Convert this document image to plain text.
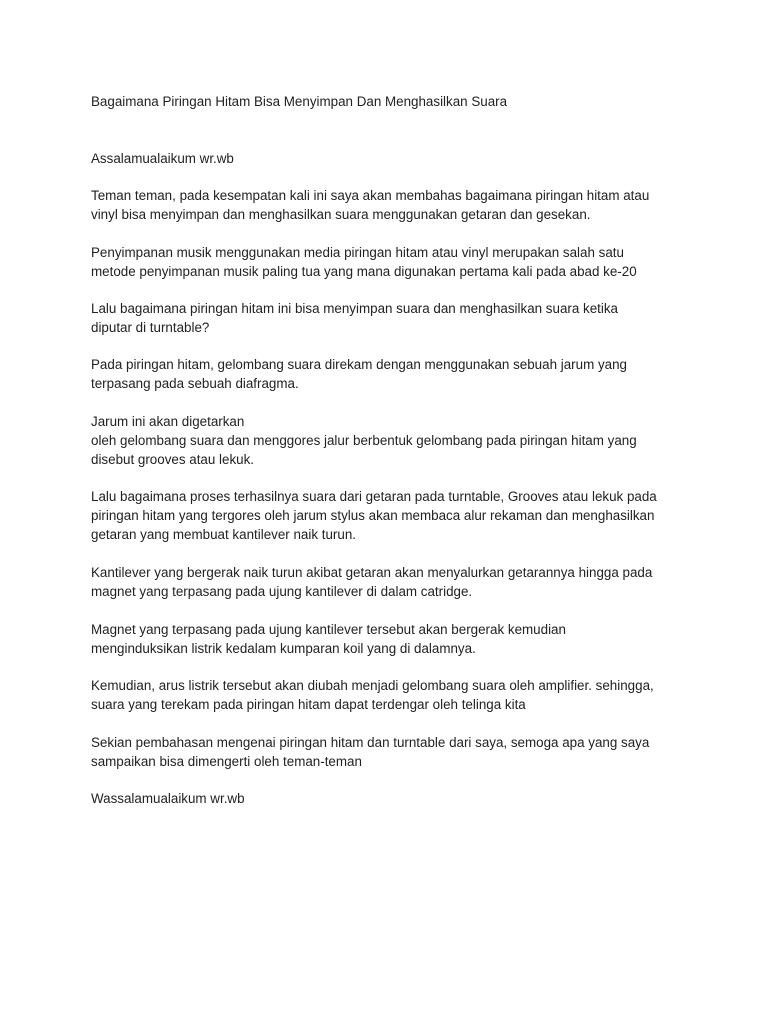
Bagaimana Piringan Hitam Bisa Menyimpan Dan Menghasilkan Suara

Assalamualaikum wr.wb

Teman teman, pada kesempatan kali ini saya akan membahas bagaimana piringan hitam atau
vinyl bisa menyimpan dan menghasilkan suara menggunakan getaran dan gesekan.

Penyimpanan musik menggunakan media piringan hitam atau vinyl merupakan salah satu
metode penyimpanan musik paling tua yang mana digunakan pertama kali pada abad ke-20

Lalu bagaimana piringan hitam ini bisa menyimpan suara dan menghasilkan suara ketika
diputar di turntable?

Pada piringan hitam, gelombang suara direkam dengan menggunakan sebuah jarum yang
terpasang pada sebuah diafragma.

Jarum ini akan digetarkan
oleh gelombang suara dan menggores jalur berbentuk gelombang pada piringan hitam yang
disebut grooves atau lekuk.

Lalu bagaimana proses terhasilnya suara dari getaran pada turntable, Grooves atau lekuk pada
piringan hitam yang tergores oleh jarum stylus akan membaca alur rekaman dan menghasilkan
getaran yang membuat kantilever naik turun.

Kantilever yang bergerak naik turun akibat getaran akan menyalurkan getarannya hingga pada
magnet yang terpasang pada ujung kantilever di dalam catridge.

Magnet yang terpasang pada ujung kantilever tersebut akan bergerak kemudian
menginduksikan listrik kedalam kumparan koil yang di dalamnya.

Kemudian, arus listrik tersebut akan diubah menjadi gelombang suara oleh amplifier. sehingga,
suara yang terekam pada piringan hitam dapat terdengar oleh telinga kita

Sekian pembahasan mengenai piringan hitam dan turntable dari saya, semoga apa yang saya
sampaikan bisa dimengerti oleh teman-teman

Wassalamualaikum wr.wb
